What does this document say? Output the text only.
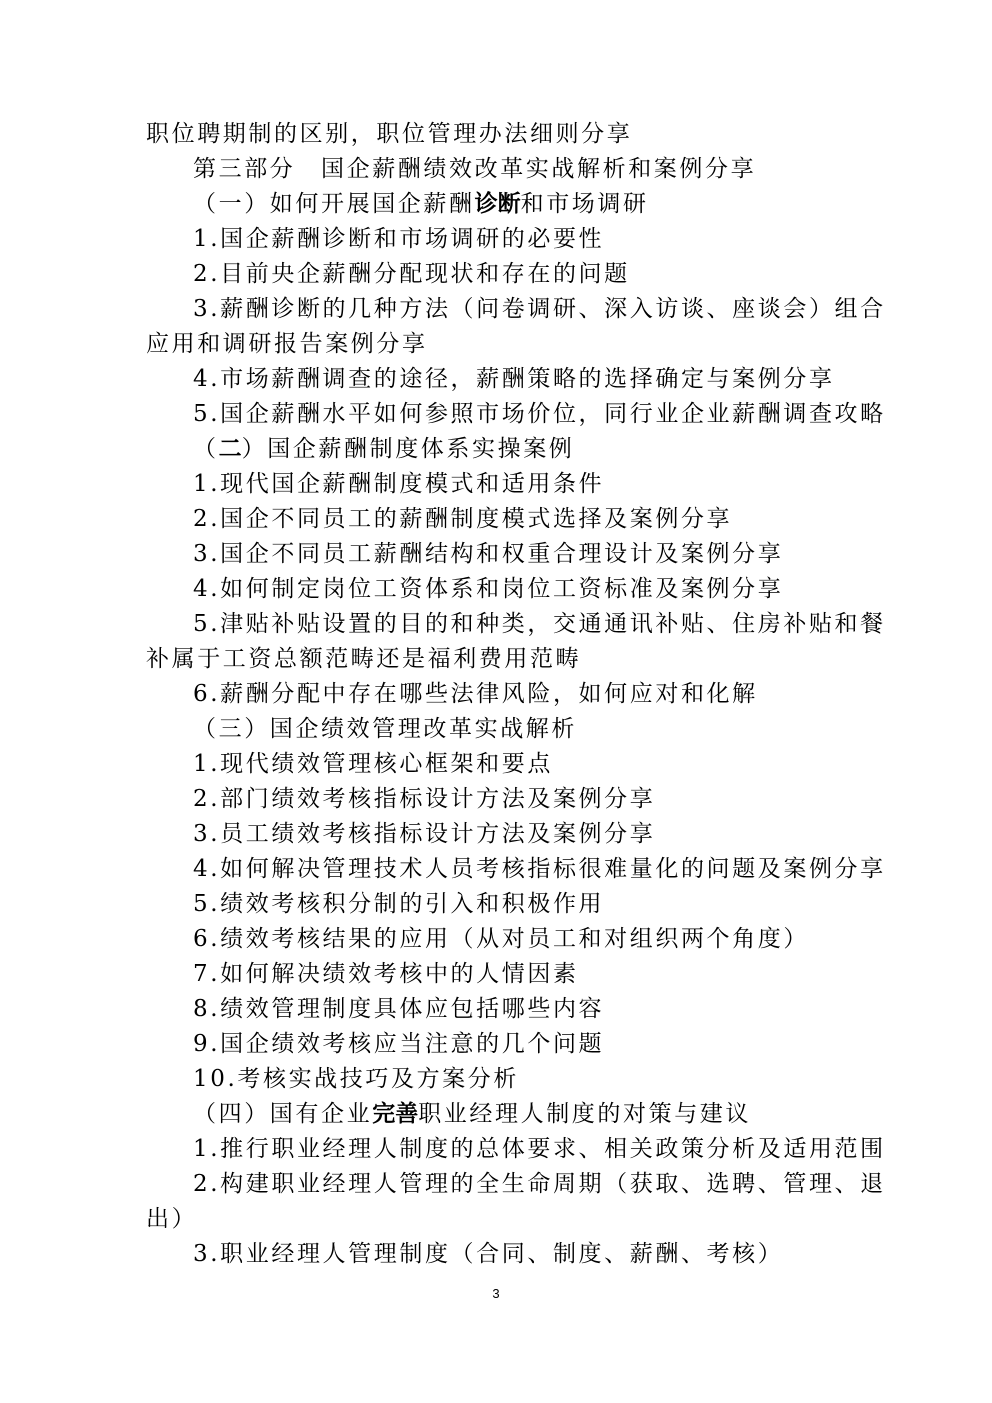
职位聘期制的区别，职位管理办法细则分享
第三部分　国企薪酬绩效改革实战解析和案例分享
（一）如何开展国企薪酬诊断和市场调研
1.国企薪酬诊断和市场调研的必要性
2.目前央企薪酬分配现状和存在的问题
3.薪酬诊断的几种方法（问卷调研、深入访谈、座谈会）组合
应用和调研报告案例分享
4.市场薪酬调查的途径，薪酬策略的选择确定与案例分享
5.国企薪酬水平如何参照市场价位，同行业企业薪酬调查攻略
（二）国企薪酬制度体系实操案例
1.现代国企薪酬制度模式和适用条件
2.国企不同员工的薪酬制度模式选择及案例分享
3.国企不同员工薪酬结构和权重合理设计及案例分享
4.如何制定岗位工资体系和岗位工资标准及案例分享
5.津贴补贴设置的目的和种类，交通通讯补贴、住房补贴和餐
补属于工资总额范畴还是福利费用范畴
6.薪酬分配中存在哪些法律风险，如何应对和化解
（三）国企绩效管理改革实战解析
1.现代绩效管理核心框架和要点
2.部门绩效考核指标设计方法及案例分享
3.员工绩效考核指标设计方法及案例分享
4.如何解决管理技术人员考核指标很难量化的问题及案例分享
5.绩效考核积分制的引入和积极作用
6.绩效考核结果的应用（从对员工和对组织两个角度）
7.如何解决绩效考核中的人情因素
8.绩效管理制度具体应包括哪些内容
9.国企绩效考核应当注意的几个问题
10.考核实战技巧及方案分析
（四）国有企业完善职业经理人制度的对策与建议
1.推行职业经理人制度的总体要求、相关政策分析及适用范围
2.构建职业经理人管理的全生命周期（获取、选聘、管理、退
出）
3.职业经理人管理制度（合同、制度、薪酬、考核）
3
